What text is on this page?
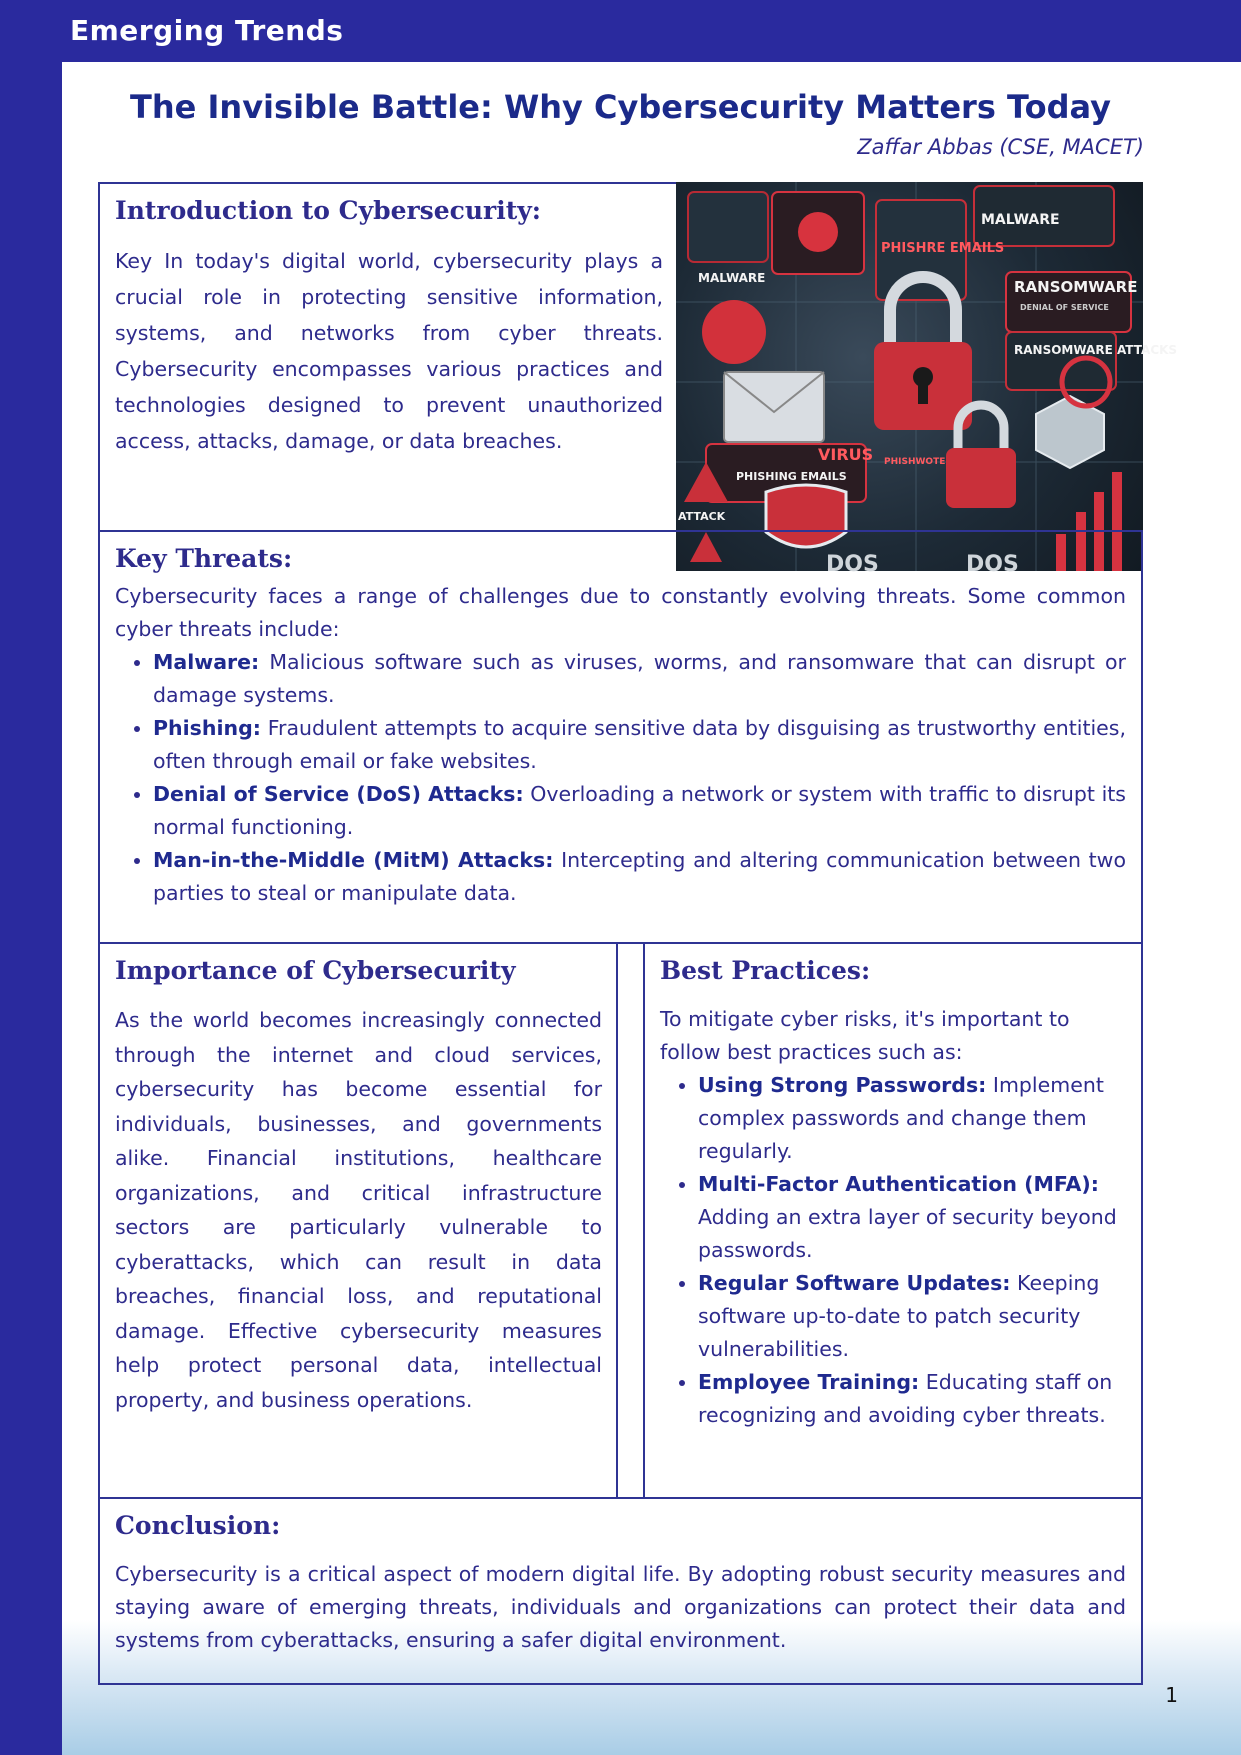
Emerging Trends
The Invisible Battle: Why Cybersecurity Matters Today
Zaffar Abbas (CSE, MACET)
Introduction to Cybersecurity:

Key In today's digital world, cybersecurity plays a crucial role in protecting sensitive information, systems, and networks from cyber threats. Cybersecurity encompasses various practices and technologies designed to prevent unauthorized access, attacks, damage, or data breaches.

MALWARE
PHISHRE EMAILS
RANSOMWARE
DENIAL OF SERVICE
RANSOMWARE ATTACKS
MALWARE
PHISHWOTE
PHISHING EMAILS
VIRUS
ATTACK
DOS	DOS
Key Threats:

Cybersecurity faces a range of challenges due to constantly evolving threats. Some common cyber threats include:

• Malware: Malicious software such as viruses, worms, and ransomware that can disrupt or damage systems.
• Phishing: Fraudulent attempts to acquire sensitive data by disguising as trustworthy entities, often through email or fake websites.
• Denial of Service (DoS) Attacks: Overloading a network or system with traffic to disrupt its normal functioning.
• Man-in-the-Middle (MitM) Attacks: Intercepting and altering communication between two parties to steal or manipulate data.
Importance of Cybersecurity

As the world becomes increasingly connected through the internet and cloud services, cybersecurity has become essential for individuals, businesses, and governments alike. Financial institutions, healthcare organizations, and critical infrastructure sectors are particularly vulnerable to cyberattacks, which can result in data breaches, financial loss, and reputational damage. Effective cybersecurity measures help protect personal data, intellectual property, and business operations.

Best Practices:

To mitigate cyber risks, it's important to follow best practices such as:

• Using Strong Passwords: Implement complex passwords and change them regularly.
• Multi-Factor Authentication (MFA): Adding an extra layer of security beyond passwords.
• Regular Software Updates: Keeping software up-to-date to patch security vulnerabilities.
• Employee Training: Educating staff on recognizing and avoiding cyber threats.
Conclusion:

Cybersecurity is a critical aspect of modern digital life. By adopting robust security measures and staying aware of emerging threats, individuals and organizations can protect their data and systems from cyberattacks, ensuring a safer digital environment.

1
